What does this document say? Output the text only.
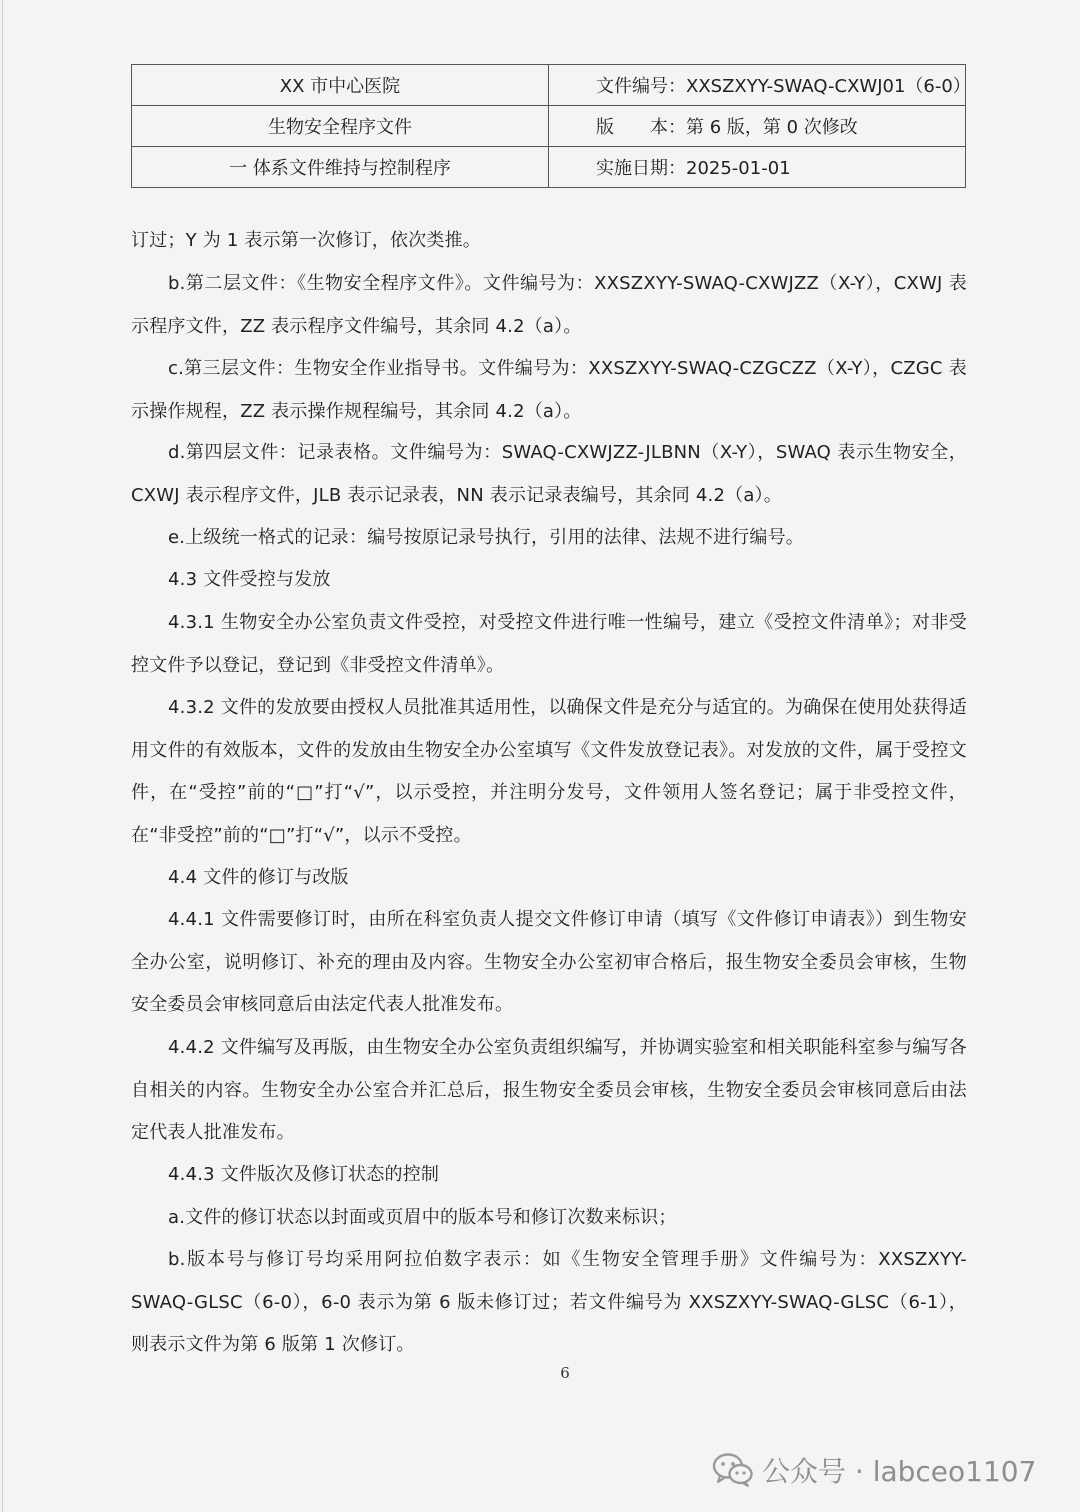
XX 市中心医院	文件编号：XXSZXYY-SWAQ-CXWJ01（6-0）
生物安全程序文件	版　　本：第 6 版，第 0 次修改
一 体系文件维持与控制程序	实施日期：2025-01-01

订过；Y 为 1 表示第一次修订，依次类推。

b.第二层文件：《生物安全程序文件》。文件编号为：XXSZXYY-SWAQ-CXWJZZ（X-Y），CXWJ 表示程序文件，ZZ 表示程序文件编号，其余同 4.2（a）。

c.第三层文件：生物安全作业指导书。文件编号为：XXSZXYY-SWAQ-CZGCZZ（X-Y），CZGC 表示操作规程，ZZ 表示操作规程编号，其余同 4.2（a）。

d.第四层文件：记录表格。文件编号为：SWAQ-CXWJZZ-JLBNN（X-Y），SWAQ 表示生物安全，CXWJ 表示程序文件，JLB 表示记录表，NN 表示记录表编号，其余同 4.2（a）。

e.上级统一格式的记录：编号按原记录号执行，引用的法律、法规不进行编号。

4.3 文件受控与发放

4.3.1 生物安全办公室负责文件受控，对受控文件进行唯一性编号，建立《受控文件清单》；对非受控文件予以登记，登记到《非受控文件清单》。

4.3.2 文件的发放要由授权人员批准其适用性，以确保文件是充分与适宜的。为确保在使用处获得适用文件的有效版本，文件的发放由生物安全办公室填写《文件发放登记表》。对发放的文件，属于受控文件，在“受控”前的“□”打“√”，以示受控，并注明分发号，文件领用人签名登记；属于非受控文件，在“非受控”前的“□”打“√”，以示不受控。

4.4 文件的修订与改版

4.4.1 文件需要修订时，由所在科室负责人提交文件修订申请（填写《文件修订申请表》）到生物安全办公室，说明修订、补充的理由及内容。生物安全办公室初审合格后，报生物安全委员会审核，生物安全委员会审核同意后由法定代表人批准发布。

4.4.2 文件编写及再版，由生物安全办公室负责组织编写，并协调实验室和相关职能科室参与编写各自相关的内容。生物安全办公室合并汇总后，报生物安全委员会审核，生物安全委员会审核同意后由法定代表人批准发布。

4.4.3 文件版次及修订状态的控制

a.文件的修订状态以封面或页眉中的版本号和修订次数来标识；

b.版本号与修订号均采用阿拉伯数字表示：如《生物安全管理手册》文件编号为：XXSZXYY-SWAQ-GLSC（6-0），6-0 表示为第 6 版未修订过；若文件编号为 XXSZXYY-SWAQ-GLSC（6-1），则表示文件为第 6 版第 1 次修订。

6
公众号 · labceo1107
